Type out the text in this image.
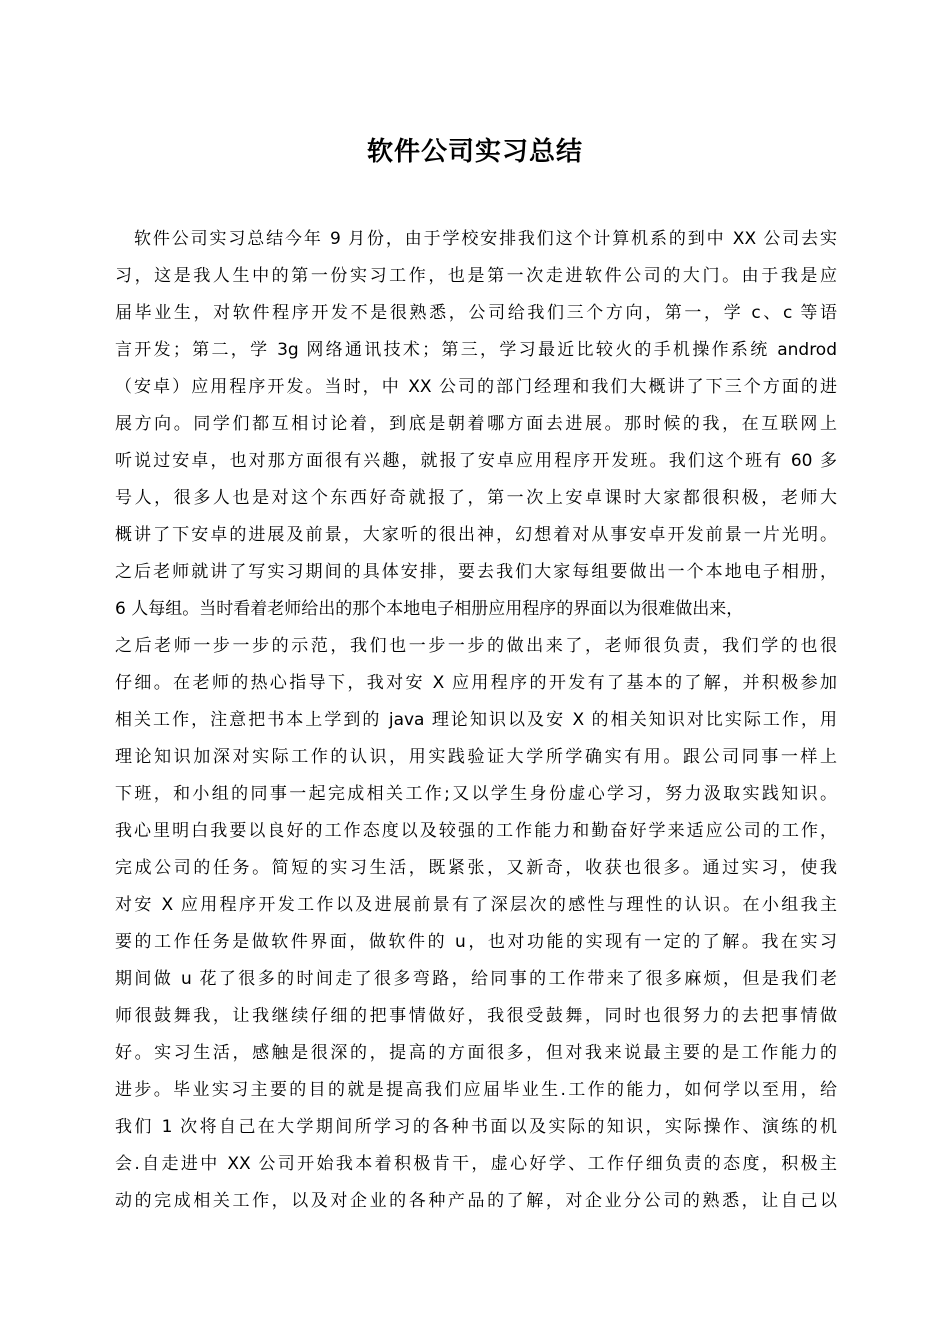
软件公司实习总结
软件公司实习总结今年 9 月份，由于学校安排我们这个计算机系的到中 XX 公司去实
习，这是我人生中的第一份实习工作，也是第一次走进软件公司的大门。由于我是应
届毕业生，对软件程序开发不是很熟悉，公司给我们三个方向，第一，学 c、c 等语
言开发；第二，学 3g 网络通讯技术；第三，学习最近比较火的手机操作系统 androd
（安卓）应用程序开发。当时，中 XX 公司的部门经理和我们大概讲了下三个方面的进
展方向。同学们都互相讨论着，到底是朝着哪方面去进展。那时候的我，在互联网上
听说过安卓，也对那方面很有兴趣，就报了安卓应用程序开发班。我们这个班有 60 多
号人，很多人也是对这个东西好奇就报了，第一次上安卓课时大家都很积极，老师大
概讲了下安卓的进展及前景，大家听的很出神，幻想着对从事安卓开发前景一片光明。
之后老师就讲了写实习期间的具体安排，要去我们大家每组要做出一个本地电子相册，
6 人每组。当时看着老师给出的那个本地电子相册应用程序的界面以为很难做出来，
之后老师一步一步的示范，我们也一步一步的做出来了，老师很负责，我们学的也很
仔细。在老师的热心指导下，我对安 X 应用程序的开发有了基本的了解，并积极参加
相关工作，注意把书本上学到的 java 理论知识以及安 X 的相关知识对比实际工作，用
理论知识加深对实际工作的认识，用实践验证大学所学确实有用。跟公司同事一样上
下班，和小组的同事一起完成相关工作;又以学生身份虚心学习，努力汲取实践知识。
我心里明白我要以良好的工作态度以及较强的工作能力和勤奋好学来适应公司的工作，
完成公司的任务。简短的实习生活，既紧张，又新奇，收获也很多。通过实习，使我
对安 X 应用程序开发工作以及进展前景有了深层次的感性与理性的认识。在小组我主
要的工作任务是做软件界面，做软件的 u，也对功能的实现有一定的了解。我在实习
期间做 u 花了很多的时间走了很多弯路，给同事的工作带来了很多麻烦，但是我们老
师很鼓舞我，让我继续仔细的把事情做好，我很受鼓舞，同时也很努力的去把事情做
好。实习生活，感触是很深的，提高的方面很多，但对我来说最主要的是工作能力的
进步。毕业实习主要的目的就是提高我们应届毕业生.工作的能力，如何学以至用，给
我们 1 次将自己在大学期间所学习的各种书面以及实际的知识，实际操作、演练的机
会.自走进中 XX 公司开始我本着积极肯干，虚心好学、工作仔细负责的态度，积极主
动的完成相关工作，以及对企业的各种产品的了解，对企业分公司的熟悉，让自己以
